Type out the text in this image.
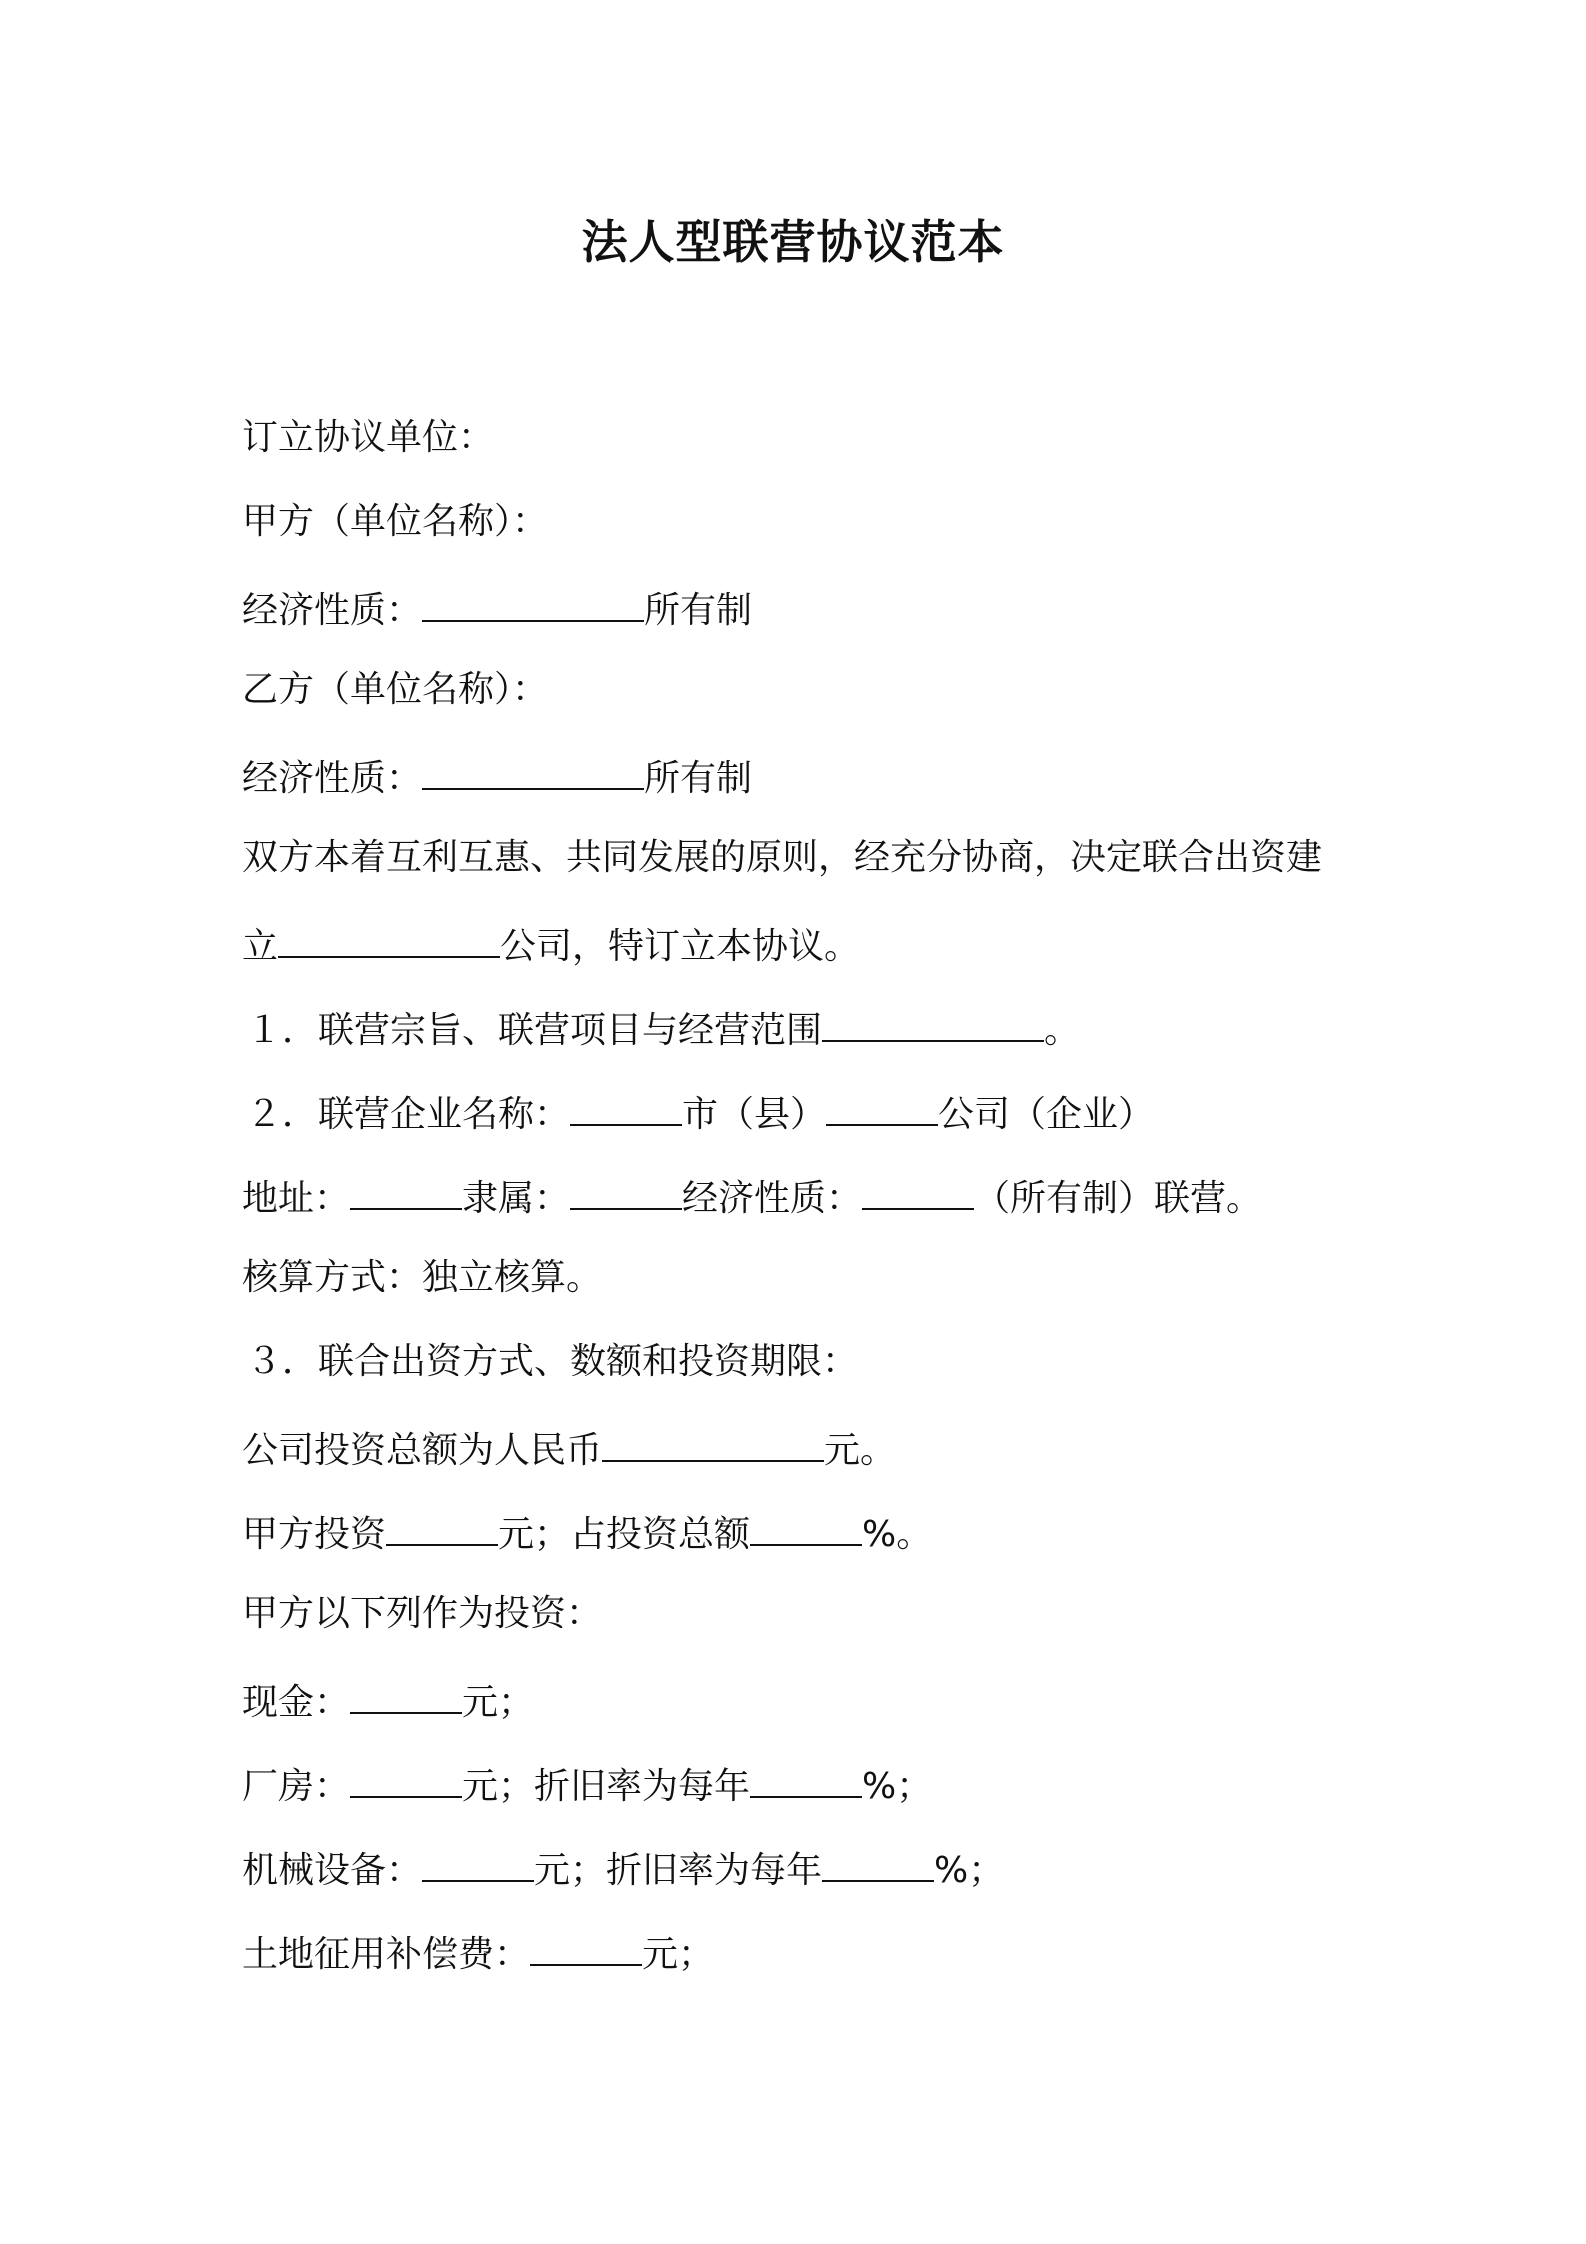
法人型联营协议范本
订立协议单位：
甲方（单位名称）：
经济性质：	所有制
乙方（单位名称）：
经济性质：	所有制
双方本着互利互惠、共同发展的原则，经充分协商，决定联合出资建
立	公司，特订立本协议。
１．联营宗旨、联营项目与经营范围	。
２．联营企业名称：	市（县）	公司（企业）
地址：	隶属：	经济性质：	（所有制）联营。
核算方式：独立核算。
３．联合出资方式、数额和投资期限：
公司投资总额为人民币	元。
甲方投资	元；占投资总额	%。
甲方以下列作为投资：
现金：	元；
厂房：	元；折旧率为每年	%；
机械设备：	元；折旧率为每年	%；
土地征用补偿费：	元；
